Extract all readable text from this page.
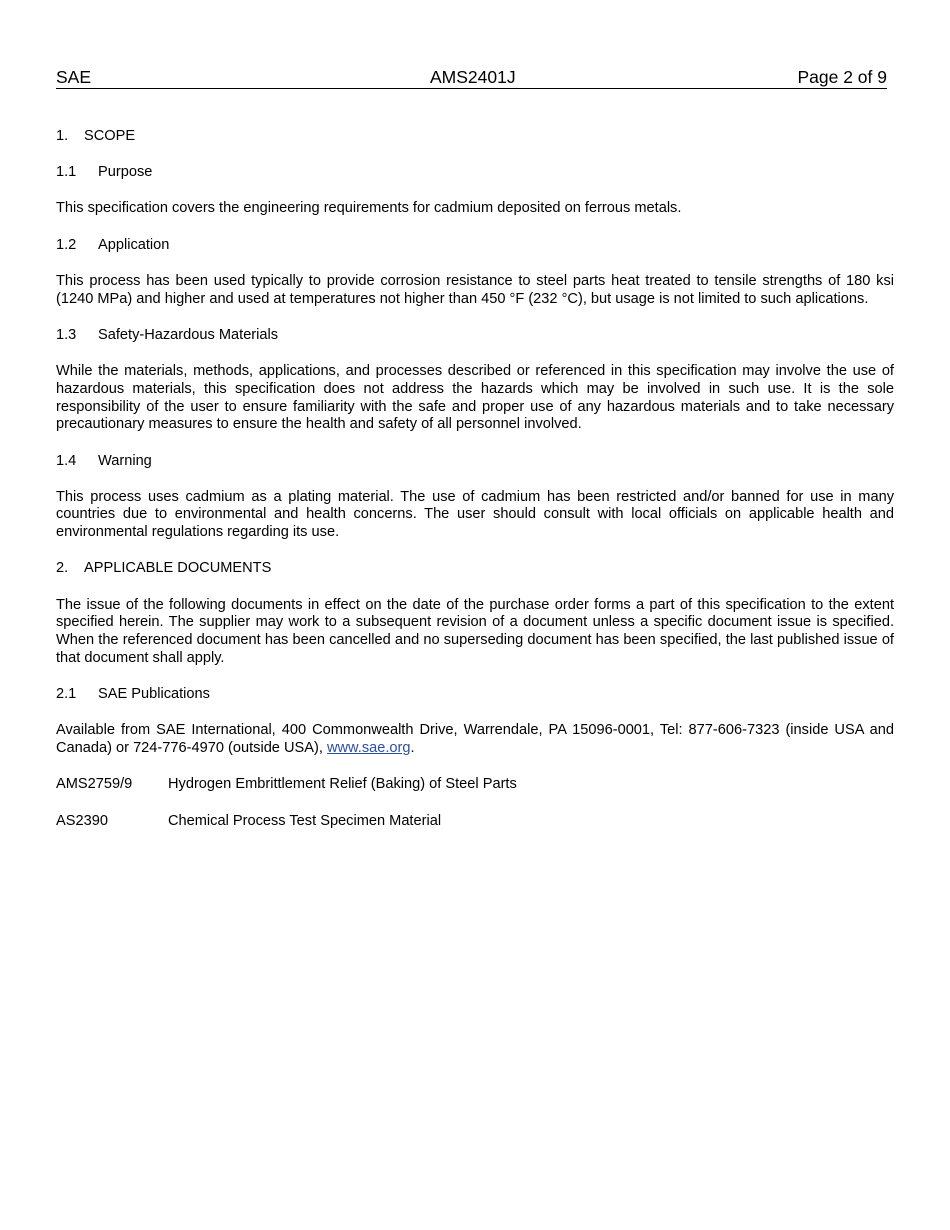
SAE	AMS2401J	Page 2 of 9
1. SCOPE
1.1 Purpose

This specification covers the engineering requirements for cadmium deposited on ferrous metals.

1.2 Application

This process has been used typically to provide corrosion resistance to steel parts heat treated to tensile strengths of 180 ksi (1240 MPa) and higher and used at temperatures not higher than 450 °F (232 °C), but usage is not limited to such aplications.

1.3 Safety-Hazardous Materials

While the materials, methods, applications, and processes described or referenced in this specification may involve the use of hazardous materials, this specification does not address the hazards which may be involved in such use. It is the sole responsibility of the user to ensure familiarity with the safe and proper use of any hazardous materials and to take necessary precautionary measures to ensure the health and safety of all personnel involved.

1.4 Warning

This process uses cadmium as a plating material. The use of cadmium has been restricted and/or banned for use in many countries due to environmental and health concerns. The user should consult with local officials on applicable health and environmental regulations regarding its use.

2. APPLICABLE DOCUMENTS

The issue of the following documents in effect on the date of the purchase order forms a part of this specification to the extent specified herein. The supplier may work to a subsequent revision of a document unless a specific document issue is specified. When the referenced document has been cancelled and no superseding document has been specified, the last published issue of that document shall apply.

2.1 SAE Publications

Available from SAE International, 400 Commonwealth Drive, Warrendale, PA 15096-0001, Tel: 877-606-7323 (inside USA and Canada) or 724-776-4970 (outside USA), www.sae.org.

AMS2759/9 Hydrogen Embrittlement Relief (Baking) of Steel Parts
AS2390	Chemical Process Test Specimen Material
